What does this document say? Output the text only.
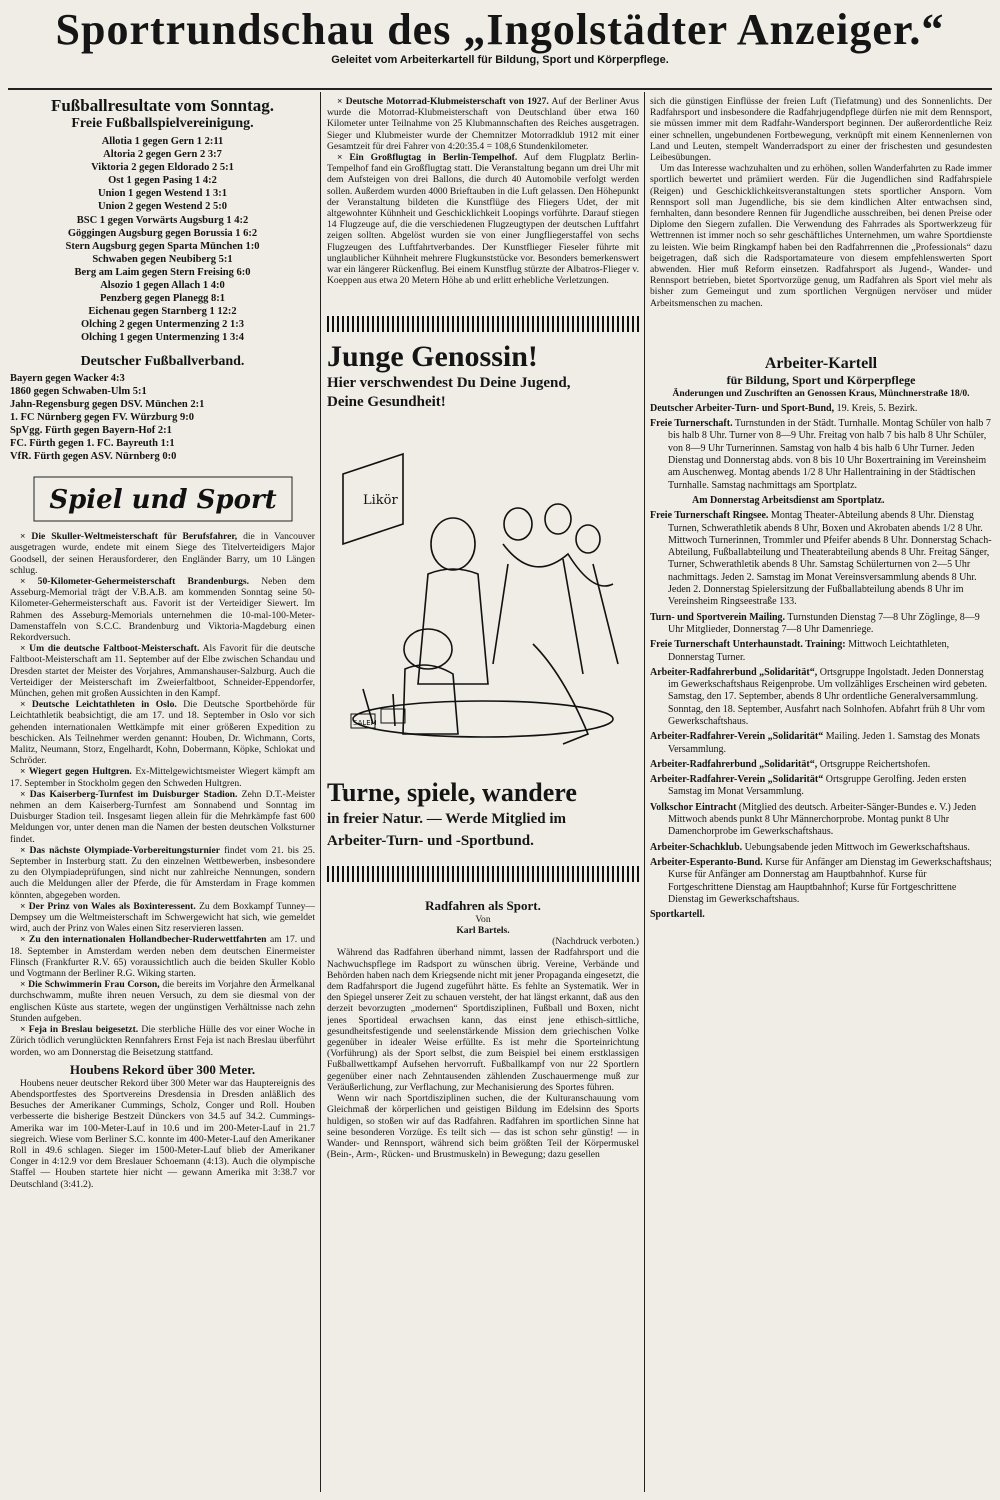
Sportrundschau des „Ingolstädter Anzeiger.“
Geleitet vom Arbeiterkartell für Bildung, Sport und Körperpflege.
Fußballresultate vom Sonntag.
Freie Fußballspielvereinigung.
Allotia 1 gegen Gern 1 2:11
Altoria 2 gegen Gern 2 3:7
Viktoria 2 gegen Eldorado 2 5:1
Ost 1 gegen Pasing 1 4:2
Union 1 gegen Westend 1 3:1
Union 2 gegen Westend 2 5:0
BSC 1 gegen Vorwärts Augsburg 1 4:2
Göggingen Augsburg gegen Borussia 1 6:2
Stern Augsburg gegen Sparta München 1:0
Schwaben gegen Neubiberg 5:1
Berg am Laim gegen Stern Freising 6:0
Alsozio 1 gegen Allach 1 4:0
Penzberg gegen Planegg 8:1
Eichenau gegen Starnberg 1 12:2
Olching 2 gegen Untermenzing 2 1:3
Olching 1 gegen Untermenzing 1 3:4
Deutscher Fußballverband.
Bayern gegen Wacker 4:3
1860 gegen Schwaben-Ulm 5:1
Jahn-Regensburg gegen DSV. München 2:1
1. FC Nürnberg gegen FV. Würzburg 9:0
SpVgg. Fürth gegen Bayern-Hof 2:1
FC. Fürth gegen 1. FC. Bayreuth 1:1
VfR. Fürth gegen ASV. Nürnberg 0:0
Spiel und Sport

× Die Skuller-Weltmeisterschaft für Berufsfahrer, die in Vancouver ausgetragen wurde, endete mit einem Siege des Titelverteidigers Major Goodsell, der seinen Herausforderer, den Engländer Barry, um 10 Längen schlug.

× 50-Kilometer-Gehermeisterschaft Brandenburgs. Neben dem Asseburg-Memorial trägt der V.B.A.B. am kommenden Sonntag seine 50-Kilometer-Gehermeisterschaft aus. Favorit ist der Verteidiger Siewert. Im Rahmen des Asseburg-Memorials unternehmen die 10-mal-100-Meter-Damenstaffeln von S.C.C. Brandenburg und Viktoria-Magdeburg einen Rekordversuch.

× Um die deutsche Faltboot-Meisterschaft. Als Favorit für die deutsche Faltboot-Meisterschaft am 11. September auf der Elbe zwischen Schandau und Dresden startet der Meister des Vorjahres, Ammanshauser-Salzburg. Auch die Verteidiger der Meisterschaft im Zweierfaltboot, Schneider-Eppendorfer, München, gehen mit großen Aussichten in den Kampf.

× Deutsche Leichtathleten in Oslo. Die Deutsche Sportbehörde für Leichtathletik beabsichtigt, die am 17. und 18. September in Oslo vor sich gehenden internationalen Wettkämpfe mit einer größeren Expedition zu beschicken. Als Teilnehmer werden genannt: Houben, Dr. Wichmann, Corts, Malitz, Neumann, Storz, Engelhardt, Kohn, Dobermann, Köpke, Schlokat und Schröder.

× Wiegert gegen Hultgren. Ex-Mittelgewichtsmeister Wiegert kämpft am 17. September in Stockholm gegen den Schweden Hultgren.

× Das Kaiserberg-Turnfest im Duisburger Stadion. Zehn D.T.-Meister nehmen an dem Kaiserberg-Turnfest am Sonnabend und Sonntag im Duisburger Stadion teil. Insgesamt liegen allein für die Mehrkämpfe fast 600 Meldungen vor, unter denen man die Namen der besten deutschen Volksturner findet.

× Das nächste Olympiade-Vorbereitungsturnier findet vom 21. bis 25. September in Insterburg statt. Zu den einzelnen Wettbewerben, insbesondere zu den Olympiadeprüfungen, sind nicht nur zahlreiche Nennungen, sondern auch die Meldungen aller der Pferde, die für Amsterdam in Frage kommen könnten, abgegeben worden.

× Der Prinz von Wales als Boxinteressent. Zu dem Boxkampf Tunney—Dempsey um die Weltmeisterschaft im Schwergewicht hat sich, wie gemeldet wird, auch der Prinz von Wales einen Sitz reservieren lassen.

× Zu den internationalen Hollandbecher-Ruderwettfahrten am 17. und 18. September in Amsterdam werden neben dem deutschen Einermeister Flinsch (Frankfurter R.V. 65) voraussichtlich auch die beiden Skuller Koblo und Vogtmann der Berliner R.G. Wiking starten.

× Die Schwimmerin Frau Corson, die bereits im Vorjahre den Ärmelkanal durchschwamm, mußte ihren neuen Versuch, zu dem sie diesmal von der englischen Küste aus startete, wegen der ungünstigen Verhältnisse nach zehn Stunden aufgeben.

× Feja in Breslau beigesetzt. Die sterbliche Hülle des vor einer Woche in Zürich tödlich verunglückten Rennfahrers Ernst Feja ist nach Breslau überführt worden, wo am Donnerstag die Beisetzung stattfand.

Houbens Rekord über 300 Meter.

Houbens neuer deutscher Rekord über 300 Meter war das Hauptereignis des Abendsportfestes des Sportvereins Dresdensia in Dresden anläßlich des Besuches der Amerikaner Cummings, Scholz, Conger und Roll. Houben verbesserte die bisherige Bestzeit Dünckers von 34.5 auf 34.2. Cummings-Amerika war im 100-Meter-Lauf in 10.6 und im 200-Meter-Lauf in 21.7 siegreich. Wiese vom Berliner S.C. konnte im 400-Meter-Lauf den Amerikaner Roll in 49.6 schlagen. Sieger im 1500-Meter-Lauf blieb der Amerikaner Conger in 4:12.9 vor dem Breslauer Schoemann (4:13). Auch die olympische Staffel — Houben startete hier nicht — gewann Amerika mit 3:38.7 vor Deutschland (3:41.2).

× Deutsche Motorrad-Klubmeisterschaft von 1927. Auf der Berliner Avus wurde die Motorrad-Klubmeisterschaft von Deutschland über etwa 160 Kilometer unter Teilnahme von 25 Klubmannschaften des Reiches ausgetragen. Sieger und Klubmeister wurde der Chemnitzer Motorradklub 1912 mit einer Gesamtzeit für drei Fahrer von 4:20:35.4 = 108,6 Stundenkilometer.

× Ein Großflugtag in Berlin-Tempelhof. Auf dem Flugplatz Berlin-Tempelhof fand ein Großflugtag statt. Die Veranstaltung begann um drei Uhr mit dem Aufsteigen von drei Ballons, die durch 40 Automobile verfolgt werden sollen. Außerdem wurden 4000 Brieftauben in die Luft gelassen. Den Höhepunkt der Veranstaltung bildeten die Kunstflüge des Fliegers Udet, der mit altgewohnter Kühnheit und Geschicklichkeit Loopings vorführte. Darauf stiegen 14 Flugzeuge auf, die die verschiedenen Flugzeugtypen der deutschen Luftfahrt zeigen sollten. Abgelöst wurden sie von einer Jungfliegerstaffel von sechs Flugzeugen des Luftfahrtverbandes. Der Kunstflieger Fieseler führte mit unglaublicher Kühnheit mehrere Flugkunststücke vor. Besonders bemerkenswert war ein längerer Rückenflug. Bei einem Kunstflug stürzte der Albatros-Flieger v. Koeppen aus etwa 20 Metern Höhe ab und erlitt erhebliche Verletzungen.

Junge Genossin!
Hier verschwendest Du Deine Jugend,
Deine Gesundheit!
Likör
SALEM
Turne, spiele, wandere
in freier Natur. — Werde Mitglied im
Arbeiter-Turn- und -Sportbund.
Radfahren als Sport.
Von
Karl Bartels.
(Nachdruck verboten.)

Während das Radfahren überhand nimmt, lassen der Radfahrsport und die Nachwuchspflege im Radsport zu wünschen übrig. Vereine, Verbände und Behörden haben nach dem Kriegsende nicht mit jener Propaganda eingesetzt, die dem Radfahrsport die Jugend zugeführt hätte. Es fehlte an Systematik. Wer in den Spiegel unserer Zeit zu schauen versteht, der hat längst erkannt, daß aus den derzeit bevorzugten „modernen“ Sportdisziplinen, Fußball und Boxen, nicht jenes Sportideal erwachsen kann, das einst jene ethisch-sittliche, gesundheitsfestigende und seelenstärkende Mission dem griechischen Volke gegenüber in idealer Weise erfüllte. Es ist mehr die Sporteinrichtung (Vorführung) als der Sport selbst, die zum Beispiel bei einem erstklassigen Fußballwettkampf Aufsehen hervorruft. Fußballkampf von nur 22 Sportlern gegenüber einer nach Zehntausenden zählenden Zuschauermenge muß zur Veräußerlichung, zur Verflachung, zur Mechanisierung des Sportes führen.

Wenn wir nach Sportdisziplinen suchen, die der Kulturanschauung vom Gleichmaß der körperlichen und geistigen Bildung im Edelsinn des Sports huldigen, so stoßen wir auf das Radfahren. Radfahren im sportlichen Sinne hat seine besonderen Vorzüge. Es teilt sich — das ist schon sehr günstig! — in Wander- und Rennsport, während sich beim größten Teil der Körpermuskel (Bein-, Arm-, Rücken- und Brustmuskeln) in Bewegung; dazu gesellen

sich die günstigen Einflüsse der freien Luft (Tiefatmung) und des Sonnenlichts. Der Radfahrsport und insbesondere die Radfahrjugendpflege dürfen nie mit dem Rennsport, sie müssen immer mit dem Radfahr-Wandersport beginnen. Der außerordentliche Reiz einer schnellen, ungebundenen Fortbewegung, verknüpft mit einem Kennenlernen von Land und Leuten, stempelt Wanderradsport zu einer der frischesten und gesundesten Leibesübungen.

Um das Interesse wachzuhalten und zu erhöhen, sollen Wanderfahrten zu Rade immer sportlich bewertet und prämiiert werden. Für die Jugendlichen sind Radfahrspiele (Reigen) und Geschicklichkeitsveranstaltungen stets sportlicher Ansporn. Vom Rennsport soll man Jugendliche, bis sie dem kindlichen Alter entwachsen sind, fernhalten, dann besondere Rennen für Jugendliche ausschreiben, bei denen Preise oder Diplome den Siegern zufallen. Die Verwendung des Fahrrades als Sportwerkzeug für Wettrennen ist immer noch so sehr geschäftliches Unternehmen, um wahre Sportdienste zu leisten. Wie beim Ringkampf haben bei den Radfahrrennen die „Professionals“ dazu beigetragen, daß sich die Radsportamateure von diesem empfehlenswerten Sport abwenden. Hier muß Reform einsetzen. Radfahrsport als Jugend-, Wander- und Rennsport betrieben, bietet Sportvorzüge genug, um Radfahren als Sport viel mehr als bisher zum Gemeingut und zum sportlichen Vergnügen nervöser und müder Arbeitsmenschen zu machen.

Arbeiter-Kartell
für Bildung, Sport und Körperpflege
Änderungen und Zuschriften an Genossen Kraus, Münchnerstraße 18/0.

Deutscher Arbeiter-Turn- und Sport-Bund, 19. Kreis, 5. Bezirk.

Freie Turnerschaft. Turnstunden in der Städt. Turnhalle. Montag Schüler von halb 7 bis halb 8 Uhr. Turner von 8—9 Uhr. Freitag von halb 7 bis halb 8 Uhr Schüler, von 8—9 Uhr Turnerinnen. Samstag von halb 4 bis halb 6 Uhr Turner. Jeden Dienstag und Donnerstag abds. von 8 bis 10 Uhr Boxertraining im Vereinsheim am Auschenweg. Montag abends 1/2 8 Uhr Hallentraining in der Städtischen Turnhalle. Samstag nachmittags am Sportplatz.
Am Donnerstag Arbeitsdienst am Sportplatz.

Freie Turnerschaft Ringsee. Montag Theater-Abteilung abends 8 Uhr. Dienstag Turnen, Schwerathletik abends 8 Uhr, Boxen und Akrobaten abends 1/2 8 Uhr. Mittwoch Turnerinnen, Trommler und Pfeifer abends 8 Uhr. Donnerstag Schach-Abteilung, Fußballabteilung und Theaterabteilung abends 8 Uhr. Freitag Sänger, Turner, Schwerathletik abends 8 Uhr. Samstag Schülerturnen von 2—5 Uhr nachmittags. Jeden 2. Samstag im Monat Vereinsversammlung abends 8 Uhr. Jeden 2. Donnerstag Spielersitzung der Fußballabteilung abends 8 Uhr im Vereinsheim Ringseestraße 133.

Turn- und Sportverein Mailing. Turnstunden Dienstag 7—8 Uhr Zöglinge, 8—9 Uhr Mitglieder, Donnerstag 7—8 Uhr Damenriege.

Freie Turnerschaft Unterhaunstadt. Training: Mittwoch Leichtathleten, Donnerstag Turner.

Arbeiter-Radfahrerbund „Solidarität“, Ortsgruppe Ingolstadt. Jeden Donnerstag im Gewerkschaftshaus Reigenprobe. Um vollzähliges Erscheinen wird gebeten. Samstag, den 17. September, abends 8 Uhr ordentliche Generalversammlung. Sonntag, den 18. September, Ausfahrt nach Solnhofen. Abfahrt früh 8 Uhr vom Gewerkschaftshaus.

Arbeiter-Radfahrer-Verein „Solidarität“ Mailing. Jeden 1. Samstag des Monats Versammlung.

Arbeiter-Radfahrerbund „Solidarität“, Ortsgruppe Reichertshofen.

Arbeiter-Radfahrer-Verein „Solidarität“ Ortsgruppe Gerolfing. Jeden ersten Samstag im Monat Versammlung.

Volkschor Eintracht (Mitglied des deutsch. Arbeiter-Sänger-Bundes e. V.) Jeden Mittwoch abends punkt 8 Uhr Männerchorprobe. Montag punkt 8 Uhr Damenchorprobe im Gewerkschaftshaus.

Arbeiter-Schachklub. Uebungsabende jeden Mittwoch im Gewerkschaftshaus.

Arbeiter-Esperanto-Bund. Kurse für Anfänger am Dienstag im Gewerkschaftshaus; Kurse für Anfänger am Donnerstag am Hauptbahnhof. Kurse für Fortgeschrittene Dienstag am Hauptbahnhof; Kurse für Fortgeschrittene Dienstag im Gewerkschaftshaus.

Sportkartell.
